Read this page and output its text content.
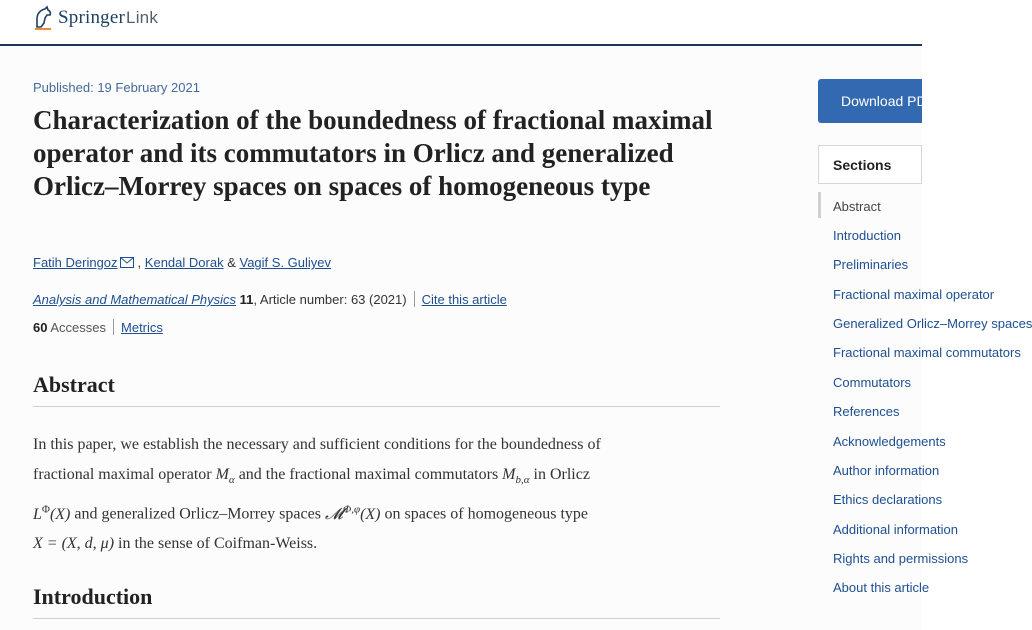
SpringerLink
Published: 19 February 2021
Characterization of the boundedness of fractional maximal operator and its commutators in Orlicz and generalized Orlicz–Morrey spaces on spaces of homogeneous type
Fatih Deringoz , Kendal Dorak & Vagif S. Guliyev
Analysis and Mathematical Physics 11, Article number: 63 (2021) Cite this article
60 Accesses Metrics
Abstract
In this paper, we establish the necessary and sufficient conditions for the boundedness of
fractional maximal operator $M_\alpha$ and the fractional maximal commutators $M_{b,\alpha}$ in Orlicz
$L^\Phi(X)$ and generalized Orlicz–Morrey spaces 𝓜$^{\Phi,\varphi}$(X) on spaces of homogeneous type
X = (X, d, μ) in the sense of Coifman-Weiss.
Introduction
Download PDF
Sections
Abstract
Introduction
Preliminaries
Fractional maximal operator
Generalized Orlicz–Morrey spaces
Fractional maximal commutators
Commutators
References
Acknowledgements
Author information
Ethics declarations
Additional information
Rights and permissions
About this article
